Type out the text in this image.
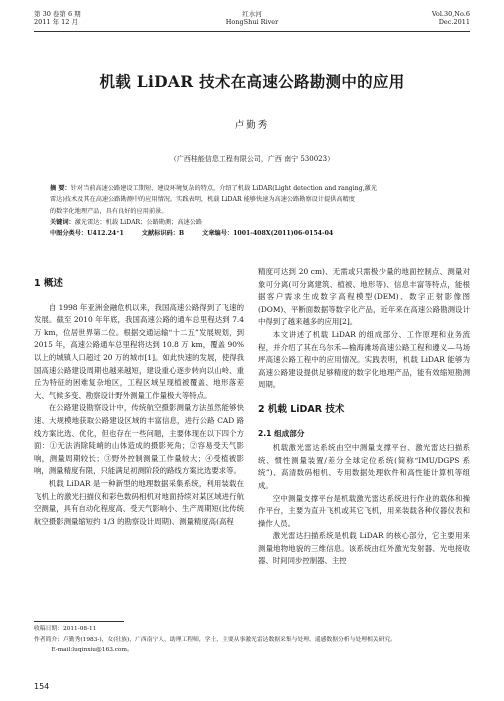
第 30 卷第 6 期
2011 年 12 月
红水河
HongShui River
Vol.30,No.6
Dec.2011
机载 LiDAR 技术在高速公路勘测中的应用
卢勤秀
（广西桂能信息工程有限公司，广西 南宁 530023）
摘 要：针对当前高速公路建设工期短、建设环境复杂的特点，介绍了机载 LiDAR(Light detection and ranging,激光
雷达)技术及其在高速公路勘测中的应用情况。实践表明，机载 LiDAR 能够快速为高速公路勘察设计提供高精度
的数字化地理产品，具有良好的应用前景。
关键词：激光雷达；机载 LiDAR；公路勘测；高速公路
中图分类号：U412.24⁺1	文献标识码：B	文章编号：1001-408X(2011)06-0154-04
1 概述

自 1998 年亚洲金融危机以来，我国高速公路得到了飞速的发展。截至 2010 年年底，我国高速公路的通车总里程达到 7.4 万 km，位居世界第二位。根据交通运输“十二五”发展规划，到 2015 年，高速公路通车总里程将达到 10.8 万 km，覆盖 90%以上的城镇人口超过 20 万的城市[1]。如此快速的发展，使得我国高速公路建设周期也越来越短，建设重心逐步转向以山岭、重丘为特征的困难复杂地区，工程区域呈现植被覆盖、地形落差大、气候多变、勘察设计野外测量工作量极大等特点。

在公路建设勘察设计中，传统航空摄影测量方法虽然能够快速、大规模地获取公路建设区域的丰富信息，进行公路 CAD 路线方案比选、优化，但也存在一些问题，主要体现在以下四个方面：①无法消除陡峭的山体造成的摄影死角；②容易受天气影响，测量周期较长；③野外控制测量工作量较大；④受植被影响，测量精度有限，只能满足初测阶段的路线方案比选要求等。

机载 LiDAR 是一种新型的地理数据采集系统，利用装载在飞机上的激光扫描仪和彩色数码相机对地面持续对某区域进行航空测量，具有自动化程度高、受天气影响小、生产周期短(比传统航空摄影测量缩短约 1/3 的勘察设计周期)、测量精度高(高程

精度可达到 20 cm)、无需或只需极少量的地面控制点、测量对象可分离(可分离建筑、植被、地形等)、信息丰富等特点，能根据客户需求生成数字高程模型(DEM)、数字正射影像图(DOM)、平断面数据等数字化产品，近年来在高速公路勘测设计中得到了越来越多的应用[2]。

本文讲述了机载 LiDAR 的组成部分、工作原理和业务流程，并介绍了其在乌尔禾—榆海滩场高速公路工程和遵义—马场坪高速公路工程中的应用情况。实践表明，机载 LiDAR 能够为高速公路建设提供足够精度的数字化地理产品，能有效缩短勘测周期。

2 机载 LiDAR 技术
2.1 组成部分

机载激光雷达系统由空中测量支撑平台、激光雷达扫描系统、惯性测量装置/差分全球定位系统(简称“IMU/DGPS 系统”)、高清数码相机、专用数据处理软件和高性能计算机等组成。

空中测量支撑平台是机载激光雷达系统进行作业的载体和操作平台，主要为直升飞机或其它飞机，用来装载各种仪器仪表和操作人员。

激光雷达扫描系统是机载 LiDAR 的核心部分，它主要用来测量地物地貌的三维信息。该系统由红外激光发射器、光电接收器、时间同步控制器、主控

收稿日期：2011-08-11
作者简介：卢勤秀(1983-)，女(壮族)，广西南宁人，助理工程师，学士，主要从事激光雷达数据采集与处理、遥感数据分析与处理相关研究。
E-mail:luqinxiu@163.com。
154
